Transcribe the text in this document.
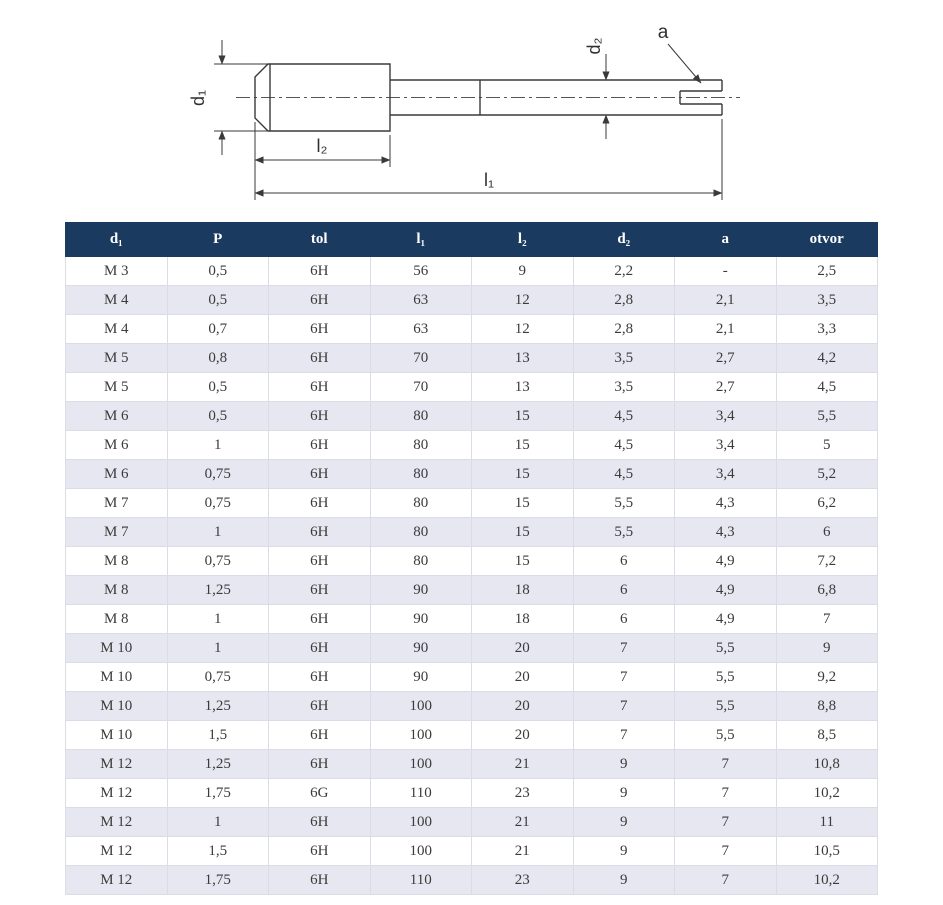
d₁
l₂
l₁
d₂
a
d₁	P	tol	l₁	l₂	d₂	a	otvor
M 3	0,5	6H	56	9	2,2	-	2,5
M 4	0,5	6H	63	12	2,8	2,1	3,5
M 4	0,7	6H	63	12	2,8	2,1	3,3
M 5	0,8	6H	70	13	3,5	2,7	4,2
M 5	0,5	6H	70	13	3,5	2,7	4,5
M 6	0,5	6H	80	15	4,5	3,4	5,5
M 6	1	6H	80	15	4,5	3,4	5
M 6	0,75	6H	80	15	4,5	3,4	5,2
M 7	0,75	6H	80	15	5,5	4,3	6,2
M 7	1	6H	80	15	5,5	4,3	6
M 8	0,75	6H	80	15	6	4,9	7,2
M 8	1,25	6H	90	18	6	4,9	6,8
M 8	1	6H	90	18	6	4,9	7
M 10	1	6H	90	20	7	5,5	9
M 10	0,75	6H	90	20	7	5,5	9,2
M 10	1,25	6H	100	20	7	5,5	8,8
M 10	1,5	6H	100	20	7	5,5	8,5
M 12	1,25	6H	100	21	9	7	10,8
M 12	1,75	6G	110	23	9	7	10,2
M 12	1	6H	100	21	9	7	11
M 12	1,5	6H	100	21	9	7	10,5
M 12	1,75	6H	110	23	9	7	10,2
